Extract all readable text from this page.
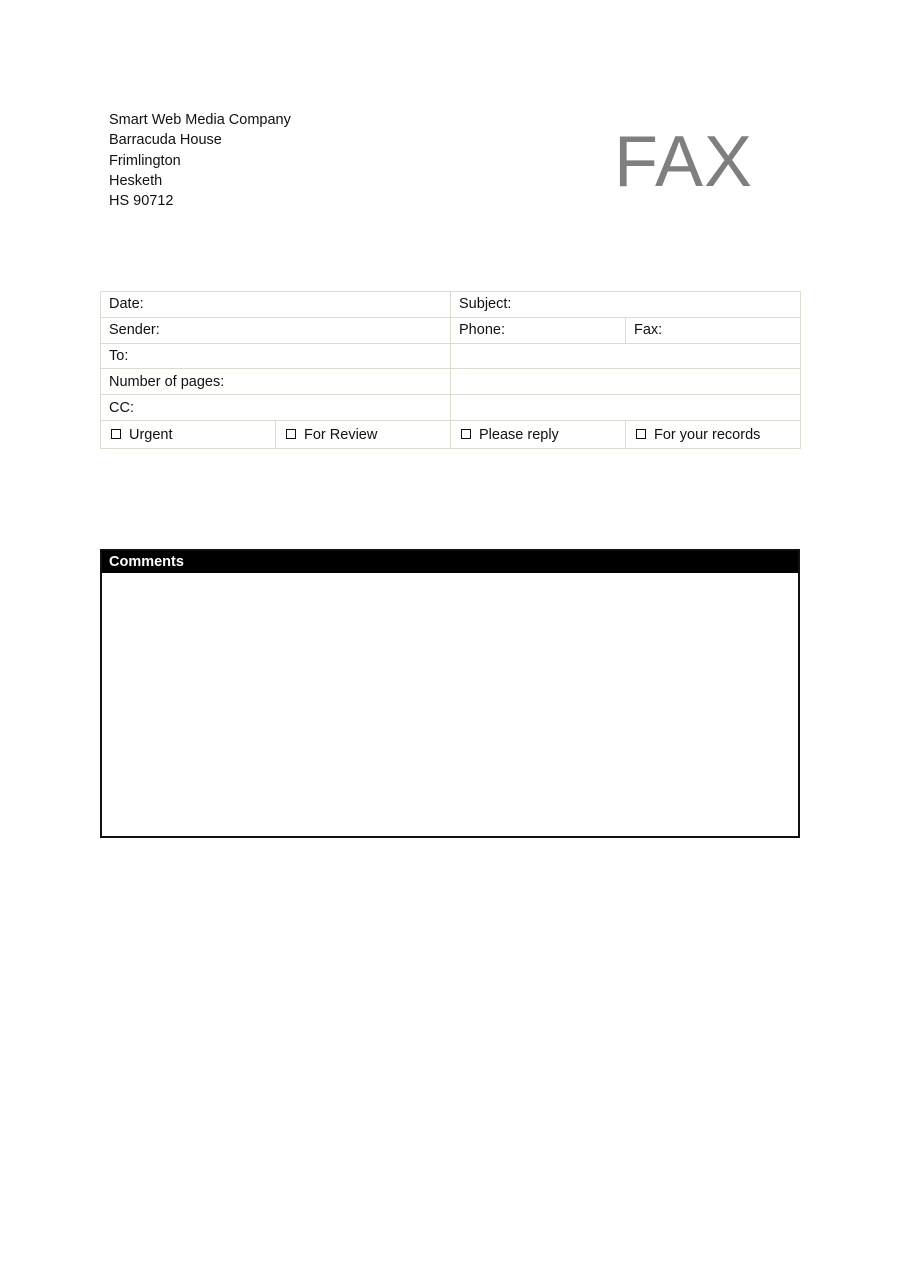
Smart Web Media Company
Barracuda House
Frimlington
Hesketh
HS 90712	FAX
Date:		Subject:	
Sender:		Phone:	Fax:
To:			
Number of pages:			
CC:			
Urgent	For Review	Please reply	For your records
Comments
